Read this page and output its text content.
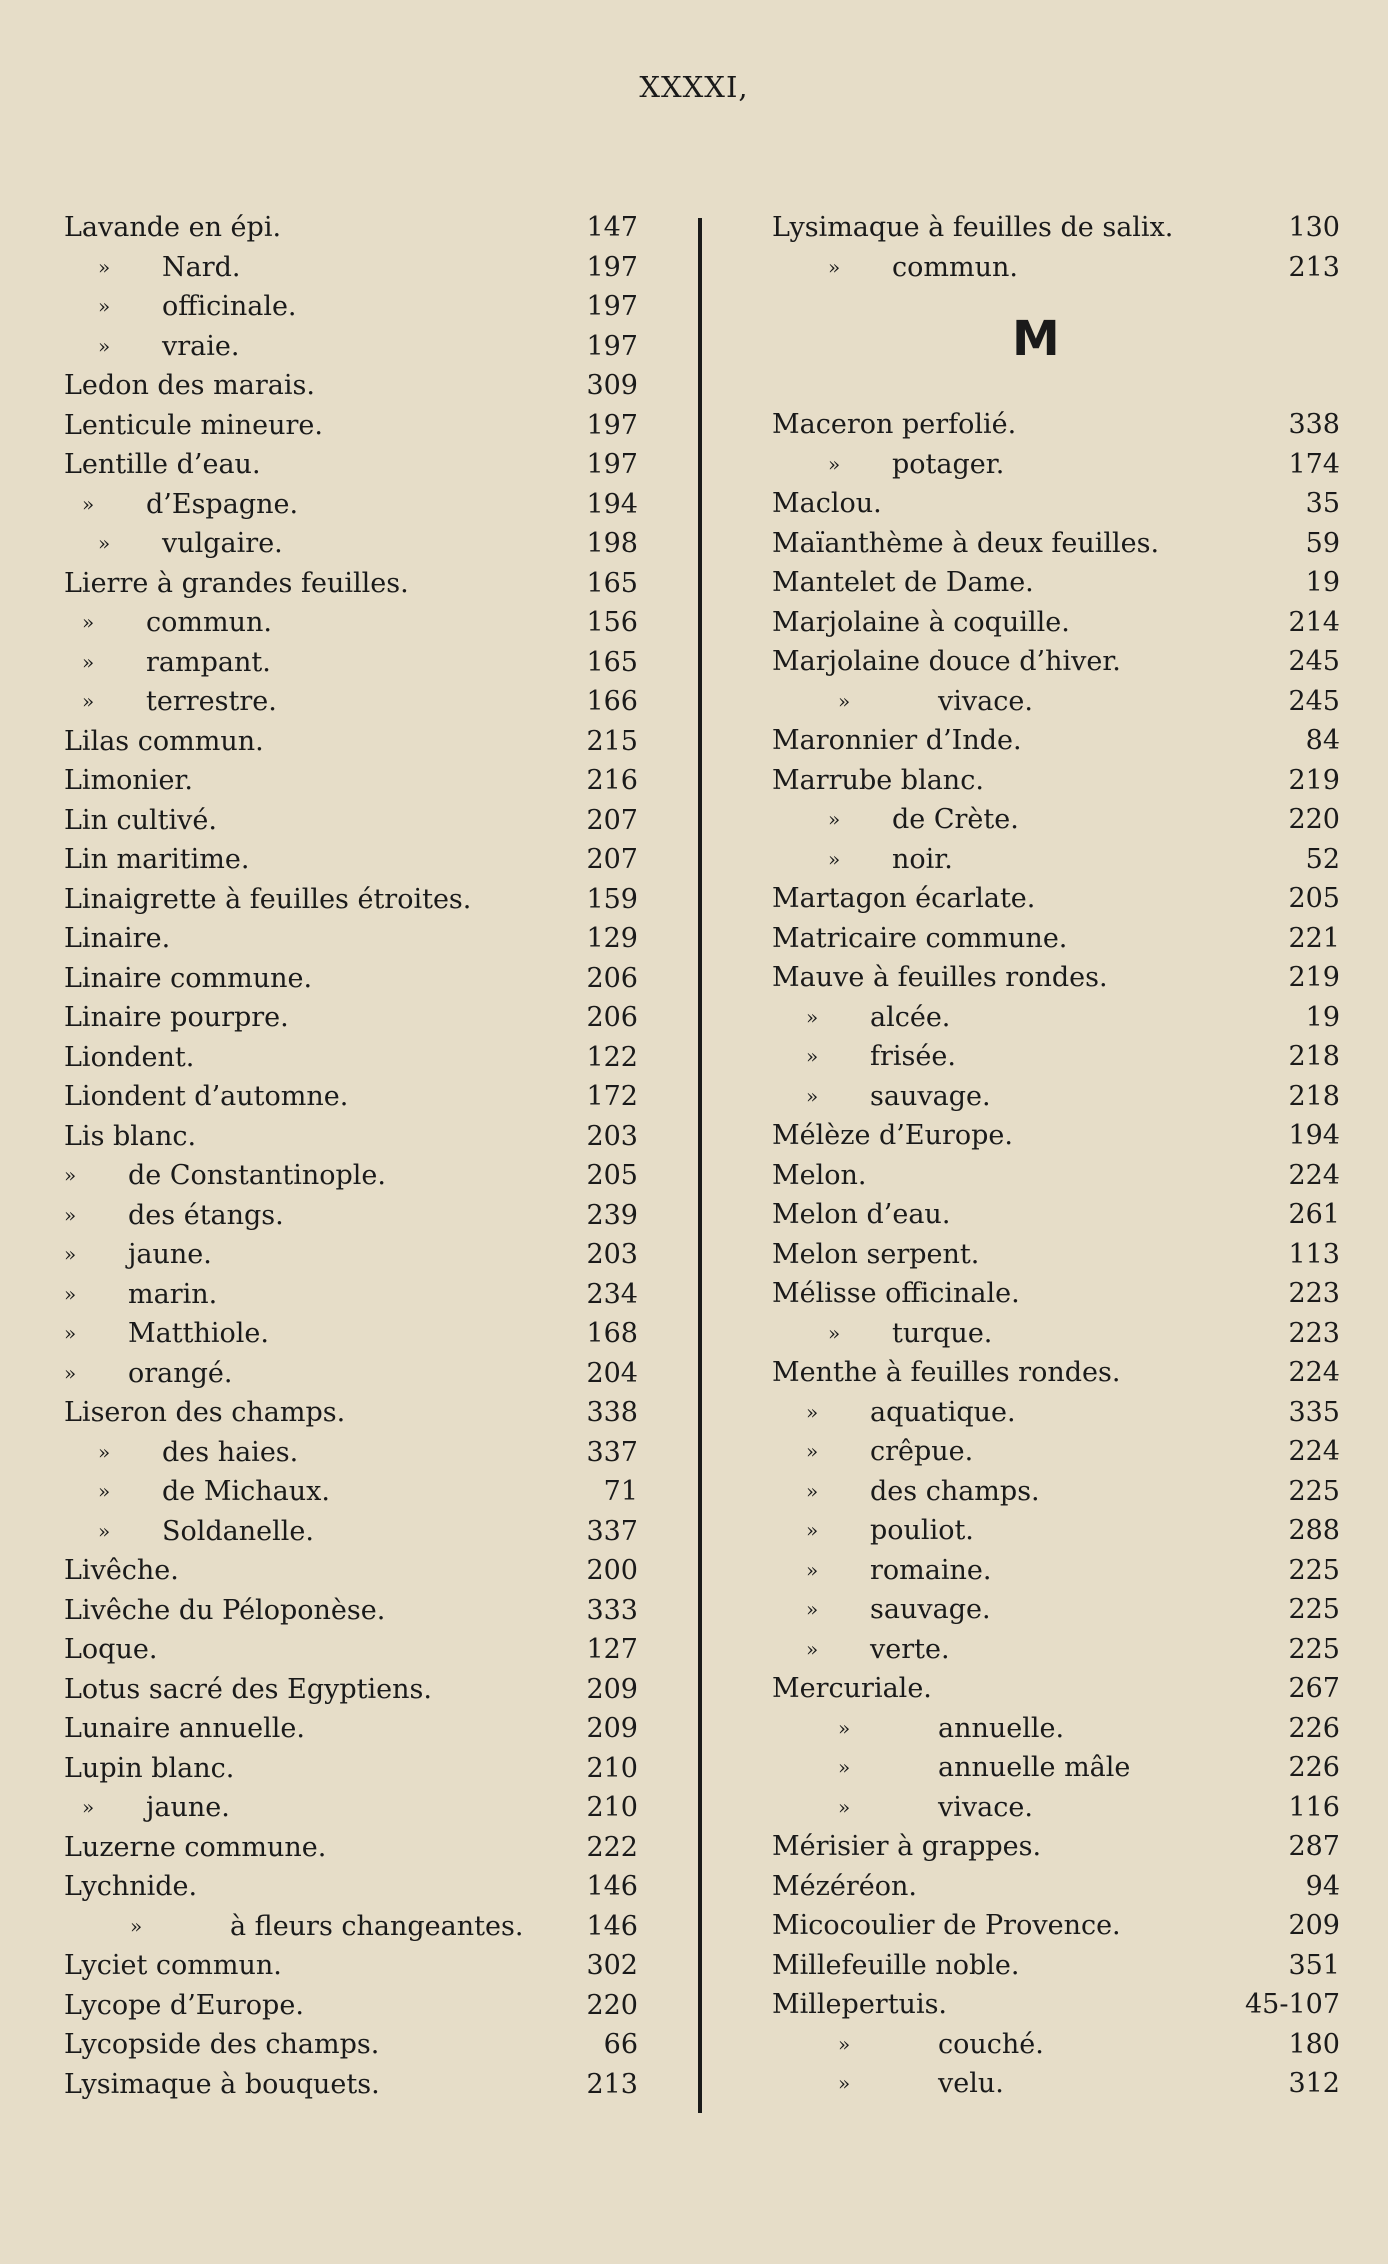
XXXXI,
Lavande en épi.	147
» Nard.	197
» officinale.	197
» vraie.	197
Ledon des marais.	309
Lenticule mineure.	197
Lentille d’eau.	197
» d’Espagne.	194
» vulgaire.	198
Lierre à grandes feuilles.	165
» commun.	156
» rampant.	165
» terrestre.	166
Lilas commun.	215
Limonier.	216
Lin cultivé.	207
Lin maritime.	207
Linaigrette à feuilles étroites.	159
Linaire.	129
Linaire commune.	206
Linaire pourpre.	206
Liondent.	122
Liondent d’automne.	172
Lis blanc.	203
» de Constantinople.	205
» des étangs.	239
» jaune.	203
» marin.	234
» Matthiole.	168
» orangé.	204
Liseron des champs.	338
» des haies.	337
» de Michaux.	71
» Soldanelle.	337
Livêche.	200
Livêche du Péloponèse.	333
Loque.	127
Lotus sacré des Egyptiens.	209
Lunaire annuelle.	209
Lupin blanc.	210
» jaune.	210
Luzerne commune.	222
Lychnide.	146
»	à fleurs changeantes. 146
Lyciet commun.	302
Lycope d’Europe.	220
Lycopside des champs.	66
Lysimaque à bouquets.	213
Lysimaque à feuilles de salix.	130
» commun.	213
M
Maceron perfolié.	338
» potager.	174
Maclou.	35
Maïanthème à deux feuilles.	59
Mantelet de Dame.	19
Marjolaine à coquille.	214
Marjolaine douce d’hiver.	245
»	vivace.	245
Maronnier d’Inde.	84
Marrube blanc.	219
» de Crète.	220
» noir.	52
Martagon écarlate.	205
Matricaire commune.	221
Mauve à feuilles rondes.	219
» alcée.	19
» frisée.	218
» sauvage.	218
Mélèze d’Europe.	194
Melon.	224
Melon d’eau.	261
Melon serpent.	113
Mélisse officinale.	223
» turque.	223
Menthe à feuilles rondes.	224
» aquatique.	335
» crêpue.	224
» des champs.	225
» pouliot.	288
» romaine.	225
» sauvage.	225
» verte.	225
Mercuriale.	267
»	annuelle.	226
»	annuelle mâle	226
»	vivace.	116
Mérisier à grappes.	287
Mézéréon.	94
Micocoulier de Provence.	209
Millefeuille noble.	351
Millepertuis.	45-107
»	couché.	180
»	velu.	312
